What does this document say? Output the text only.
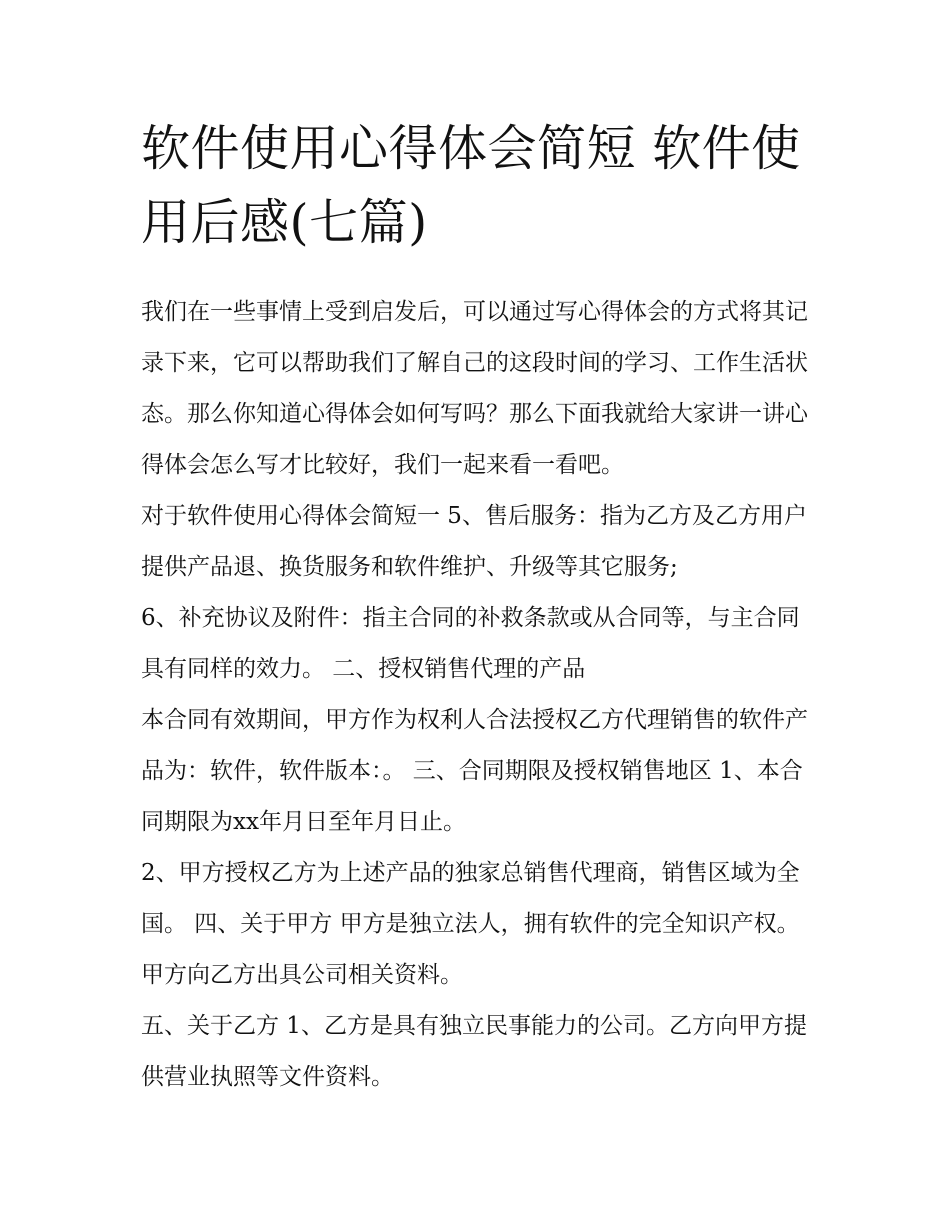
软件使用心得体会简短 软件使用后感(七篇)

我们在一些事情上受到启发后，可以通过写心得体会的方式将其记录下来，它可以帮助我们了解自己的这段时间的学习、工作生活状态。那么你知道心得体会如何写吗？那么下面我就给大家讲一讲心得体会怎么写才比较好，我们一起来看一看吧。

对于软件使用心得体会简短一 5、售后服务：指为乙方及乙方用户提供产品退、换货服务和软件维护、升级等其它服务;

6、补充协议及附件：指主合同的补救条款或从合同等，与主合同具有同样的效力。 二、授权销售代理的产品

本合同有效期间，甲方作为权利人合法授权乙方代理销售的软件产品为：软件，软件版本：。 三、合同期限及授权销售地区 1、本合同期限为xx年月日至年月日止。

2、甲方授权乙方为上述产品的独家总销售代理商，销售区域为全国。 四、关于甲方 甲方是独立法人，拥有软件的完全知识产权。甲方向乙方出具公司相关资料。

五、关于乙方 1、乙方是具有独立民事能力的公司。乙方向甲方提供营业执照等文件资料。
